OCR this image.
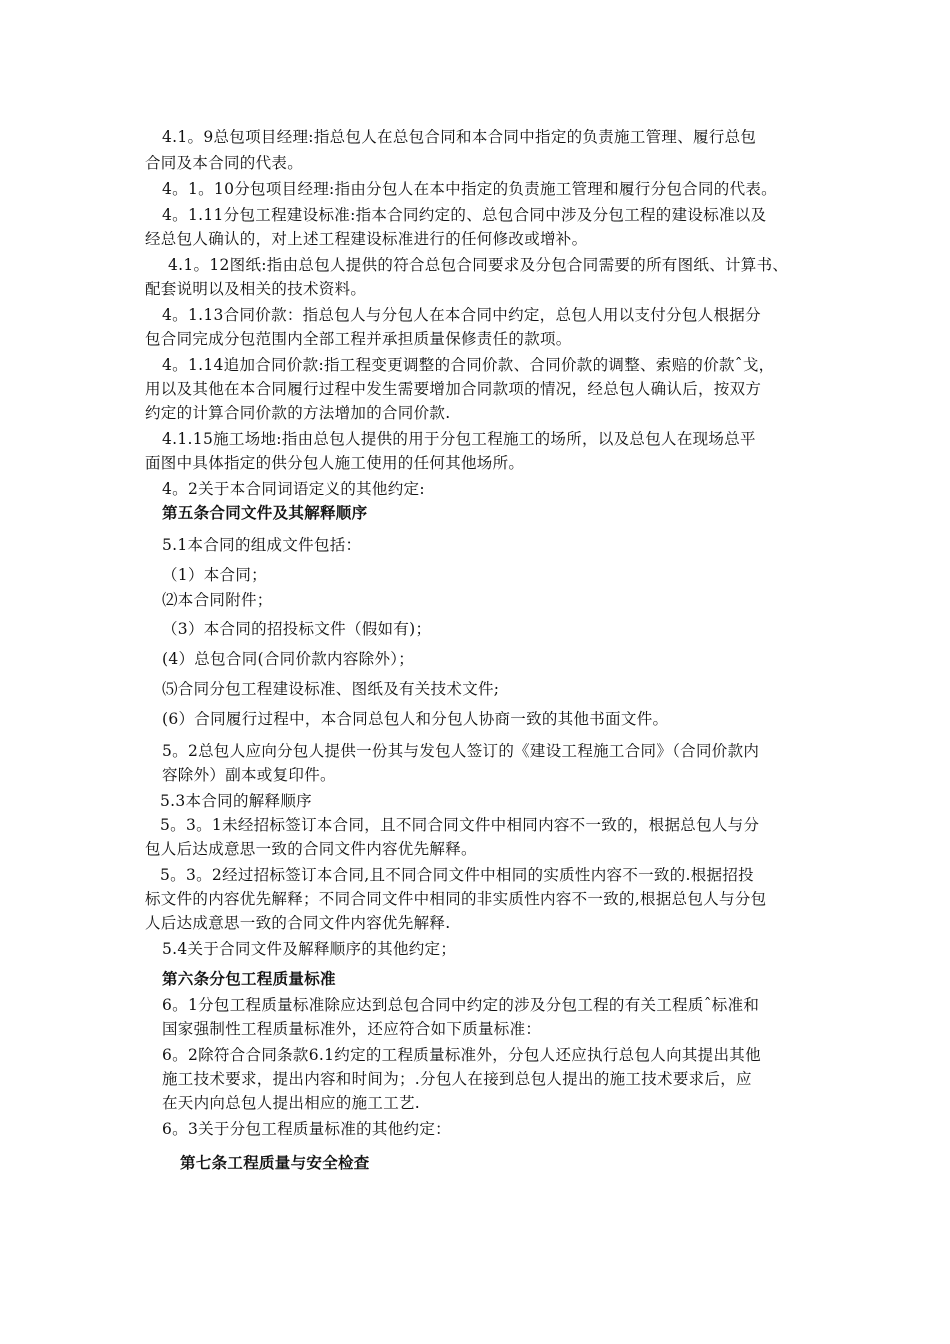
4.1。9总包项目经理:指总包人在总包合同和本合同中指定的负责施工管理、履行总包
合同及本合同的代表。
4。1。10分包项目经理:指由分包人在本中指定的负责施工管理和履行分包合同的代表。
4。1.11分包工程建设标准:指本合同约定的、总包合同中涉及分包工程的建设标准以及
经总包人确认的，对上述工程建设标准进行的任何修改或增补。
4.1。12图纸:指由总包人提供的符合总包合同要求及分包合同需要的所有图纸、计算书、
配套说明以及相关的技术资料。
4。1.13合同价款：指总包人与分包人在本合同中约定，总包人用以支付分包人根据分
包合同完成分包范围内全部工程并承担质量保修责任的款项。
4。1.14追加合同价款:指工程变更调整的合同价款、合同价款的调整、索赔的价款ˆ戈，
用以及其他在本合同履行过程中发生需要增加合同款项的情况，经总包人确认后，按双方
约定的计算合同价款的方法增加的合同价款.
4.1.15施工场地:指由总包人提供的用于分包工程施工的场所，以及总包人在现场总平
面图中具体指定的供分包人施工使用的任何其他场所。
4。2关于本合同词语定义的其他约定:
第五条合同文件及其解释顺序
5.1本合同的组成文件包括：
（1）本合同；
⑵本合同附件；
（3）本合同的招投标文件（假如有)；
(4）总包合同(合同价款内容除外）；
⑸合同分包工程建设标准、图纸及有关技术文件;
(6）合同履行过程中，本合同总包人和分包人协商一致的其他书面文件。
5。2总包人应向分包人提供一份其与发包人签订的《建设工程施工合同》（合同价款内
容除外）副本或复印件。
5.3本合同的解释顺序
5。3。1未经招标签订本合同，且不同合同文件中相同内容不一致的，根据总包人与分
包人后达成意思一致的合同文件内容优先解释。
5。3。2经过招标签订本合同,且不同合同文件中相同的实质性内容不一致的.根据招投
标文件的内容优先解释；不同合同文件中相同的非实质性内容不一致的,根据总包人与分包
人后达成意思一致的合同文件内容优先解释.
5.4关于合同文件及解释顺序的其他约定；
第六条分包工程质量标准
6。1分包工程质量标准除应达到总包合同中约定的涉及分包工程的有关工程质ˆ标准和
国家强制性工程质量标准外，还应符合如下质量标准：
6。2除符合合同条款6.1约定的工程质量标准外，分包人还应执行总包人向其提出其他
施工技术要求，提出内容和时间为；.分包人在接到总包人提出的施工技术要求后，应
在天内向总包人提出相应的施工工艺.
6。3关于分包工程质量标准的其他约定：
第七条工程质量与安全检查
